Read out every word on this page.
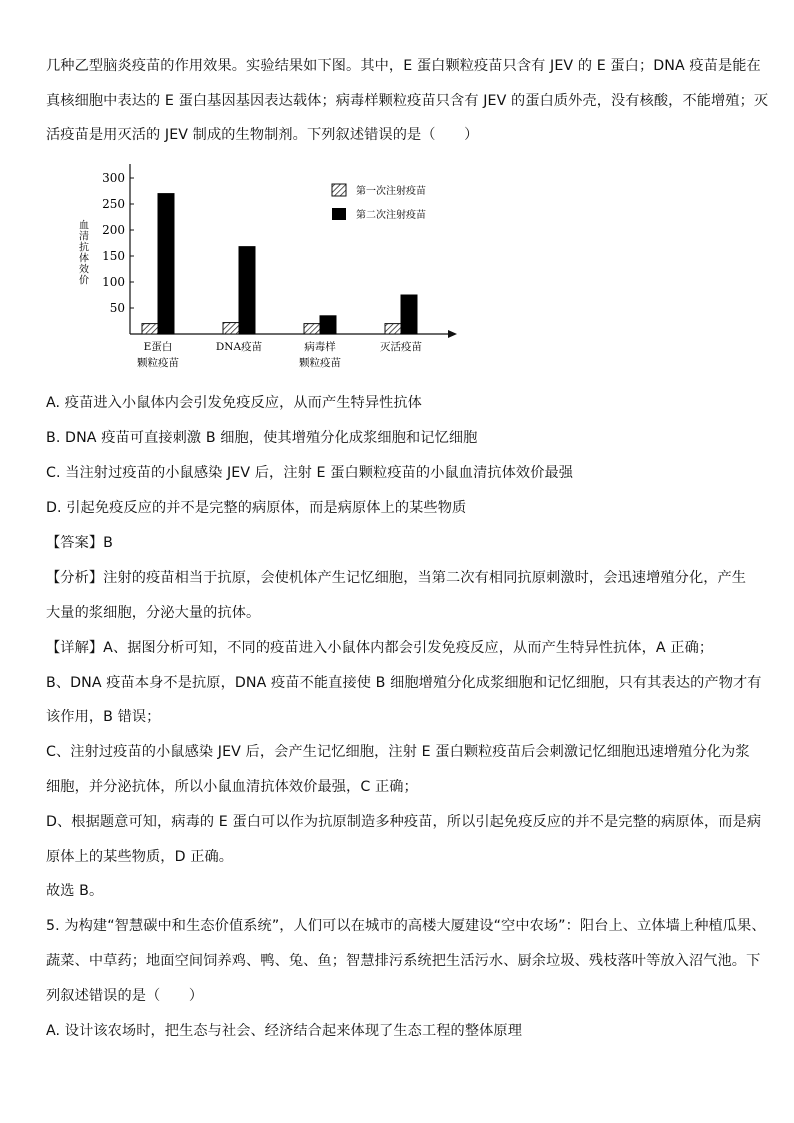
几种乙型脑炎疫苗的作用效果。实验结果如下图。其中，E 蛋白颗粒疫苗只含有 JEV 的 E 蛋白；DNA 疫苗是能在
真核细胞中表达的 E 蛋白基因基因表达载体；病毒样颗粒疫苗只含有 JEV 的蛋白质外壳，没有核酸，不能增殖；灭
活疫苗是用灭活的 JEV 制成的生物制剂。下列叙述错误的是（　　）
50
100
150
200
250
300
血清抗体效价
E蛋白
颗粒疫苗
DNA疫苗	病毒样
颗粒疫苗
灭活疫苗
第一次注射疫苗
第二次注射疫苗
A. 疫苗进入小鼠体内会引发免疫反应，从而产生特异性抗体
B. DNA 疫苗可直接刺激 B 细胞，使其增殖分化成浆细胞和记忆细胞
C. 当注射过疫苗的小鼠感染 JEV 后，注射 E 蛋白颗粒疫苗的小鼠血清抗体效价最强
D. 引起免疫反应的并不是完整的病原体，而是病原体上的某些物质
【答案】B
【分析】注射的疫苗相当于抗原，会使机体产生记忆细胞，当第二次有相同抗原刺激时，会迅速增殖分化，产生
大量的浆细胞，分泌大量的抗体。
【详解】A、据图分析可知，不同的疫苗进入小鼠体内都会引发免疫反应，从而产生特异性抗体，A 正确；
B、DNA 疫苗本身不是抗原，DNA 疫苗不能直接使 B 细胞增殖分化成浆细胞和记忆细胞，只有其表达的产物才有
该作用，B 错误；
C、注射过疫苗的小鼠感染 JEV 后，会产生记忆细胞，注射 E 蛋白颗粒疫苗后会刺激记忆细胞迅速增殖分化为浆
细胞，并分泌抗体，所以小鼠血清抗体效价最强，C 正确；
D、根据题意可知，病毒的 E 蛋白可以作为抗原制造多种疫苗，所以引起免疫反应的并不是完整的病原体，而是病
原体上的某些物质，D 正确。
故选 B。
5. 为构建“智慧碳中和生态价值系统”，人们可以在城市的高楼大厦建设“空中农场”：阳台上、立体墙上种植瓜果、
蔬菜、中草药；地面空间饲养鸡、鸭、兔、鱼；智慧排污系统把生活污水、厨余垃圾、残枝落叶等放入沼气池。下
列叙述错误的是（　　）
A. 设计该农场时，把生态与社会、经济结合起来体现了生态工程的整体原理
